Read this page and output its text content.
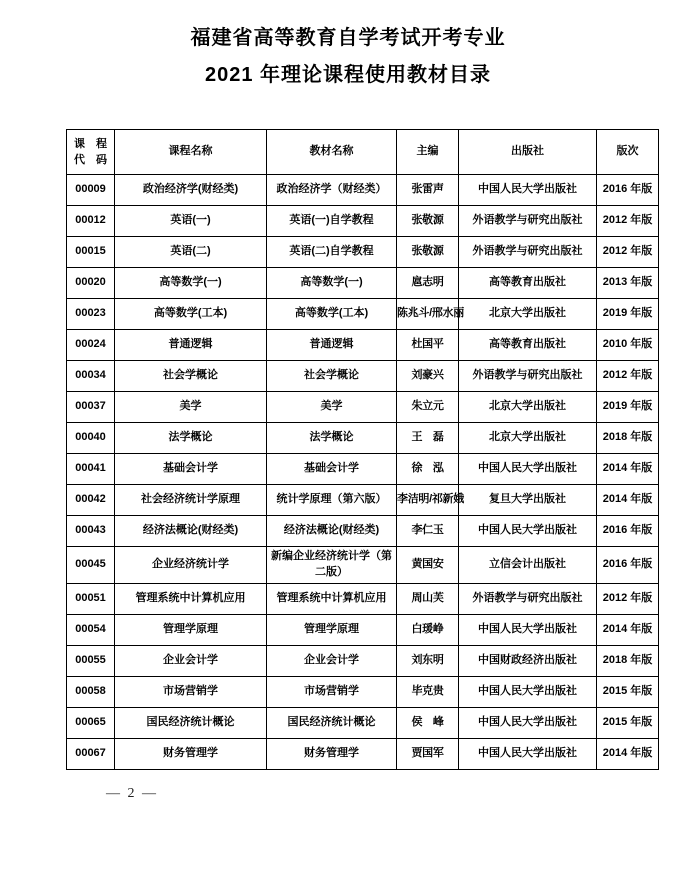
福建省高等教育自学考试开考专业
2021 年理论课程使用教材目录
课　程
代　码	课程名称	教材名称	主编	出版社	版次
00009	政治经济学(财经类)	政治经济学（财经类）	张雷声	中国人民大学出版社	2016 年版
00012	英语(一)	英语(一)自学教程	张敬源	外语教学与研究出版社	2012 年版
00015	英语(二)	英语(二)自学教程	张敬源	外语教学与研究出版社	2012 年版
00020	高等数学(一)	高等数学(一)	扈志明	高等教育出版社	2013 年版
00023	高等数学(工本)	高等数学(工本)	陈兆斗/邢水丽	北京大学出版社	2019 年版
00024	普通逻辑	普通逻辑	杜国平	高等教育出版社	2010 年版
00034	社会学概论	社会学概论	刘豪兴	外语教学与研究出版社	2012 年版
00037	美学	美学	朱立元	北京大学出版社	2019 年版
00040	法学概论	法学概论	王　磊	北京大学出版社	2018 年版
00041	基础会计学	基础会计学	徐　泓	中国人民大学出版社	2014 年版
00042	社会经济统计学原理	统计学原理（第六版）	李洁明/祁新娥	复旦大学出版社	2014 年版
00043	经济法概论(财经类)	经济法概论(财经类)	李仁玉	中国人民大学出版社	2016 年版
00045	企业经济统计学	新编企业经济统计学（第二版）	黄国安	立信会计出版社	2016 年版
00051	管理系统中计算机应用	管理系统中计算机应用	周山芙	外语教学与研究出版社	2012 年版
00054	管理学原理	管理学原理	白瑗峥	中国人民大学出版社	2014 年版
00055	企业会计学	企业会计学	刘东明	中国财政经济出版社	2018 年版
00058	市场营销学	市场营销学	毕克贵	中国人民大学出版社	2015 年版
00065	国民经济统计概论	国民经济统计概论	侯　峰	中国人民大学出版社	2015 年版
00067	财务管理学	财务管理学	贾国军	中国人民大学出版社	2014 年版
— 2 —
